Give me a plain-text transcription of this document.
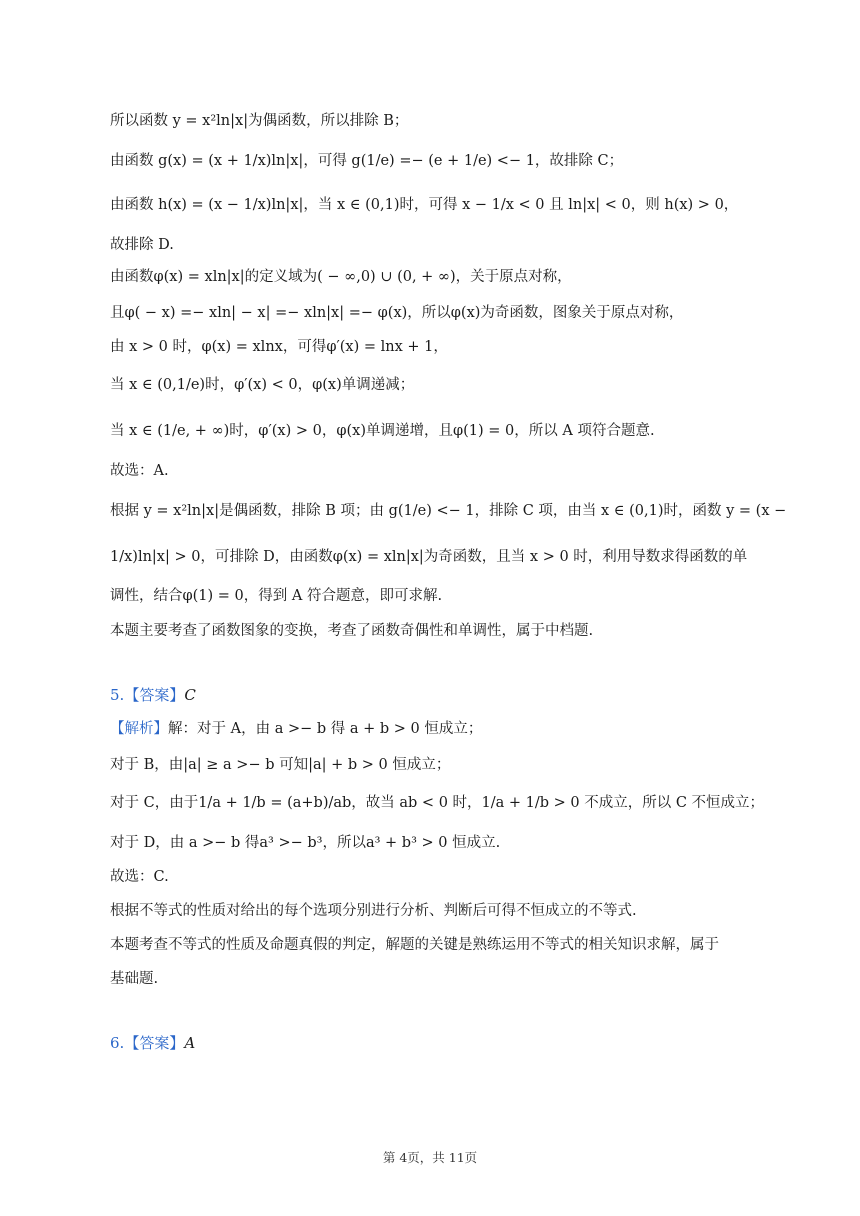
所以函数 y = x²ln|x|为偶函数，所以排除 B；
由函数 g(x) = (x + 1/x)ln|x|，可得 g(1/e) =− (e + 1/e) <− 1，故排除 C；
由函数 h(x) = (x − 1/x)ln|x|，当 x ∈ (0,1)时，可得 x − 1/x < 0 且 ln|x| < 0，则 h(x) > 0，
故排除 D.
由函数φ(x) = xln|x|的定义域为( − ∞,0) ∪ (0, + ∞)，关于原点对称，
且φ( − x) =− xln| − x| =− xln|x| =− φ(x)，所以φ(x)为奇函数，图象关于原点对称，
由 x > 0 时，φ(x) = xlnx，可得φ′(x) = lnx + 1，
当 x ∈ (0,1/e)时，φ′(x) < 0，φ(x)单调递减；
当 x ∈ (1/e, + ∞)时，φ′(x) > 0，φ(x)单调递增，且φ(1) = 0，所以 A 项符合题意.
故选：A.
根据 y = x²ln|x|是偶函数，排除 B 项；由 g(1/e) <− 1，排除 C 项，由当 x ∈ (0,1)时，函数 y = (x −
1/x)ln|x| > 0，可排除 D，由函数φ(x) = xln|x|为奇函数，且当 x > 0 时，利用导数求得函数的单
调性，结合φ(1) = 0，得到 A 符合题意，即可求解.
本题主要考查了函数图象的变换，考查了函数奇偶性和单调性，属于中档题.
5.【答案】C
【解析】解：对于 A，由 a >− b 得 a + b > 0 恒成立；
对于 B，由|a| ≥ a >− b 可知|a| + b > 0 恒成立；
对于 C，由于1/a + 1/b = (a+b)/ab，故当 ab < 0 时，1/a + 1/b > 0 不成立，所以 C 不恒成立；
对于 D，由 a >− b 得a³ >− b³，所以a³ + b³ > 0 恒成立.
故选：C.
根据不等式的性质对给出的每个选项分别进行分析、判断后可得不恒成立的不等式.
本题考查不等式的性质及命题真假的判定，解题的关键是熟练运用不等式的相关知识求解，属于
基础题.
6.【答案】A
第 4页，共 11页
